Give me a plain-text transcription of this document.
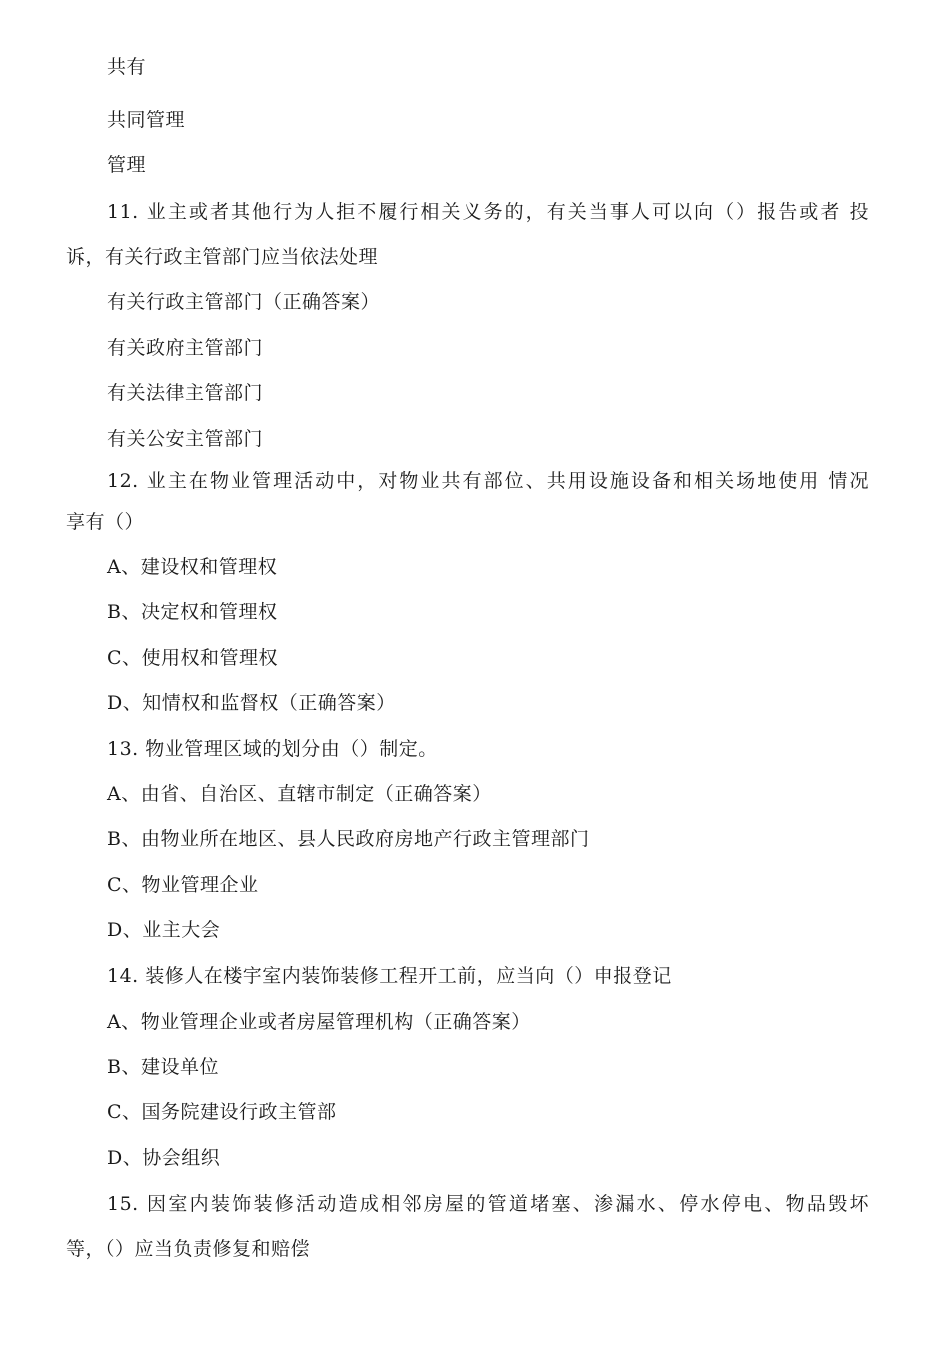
共有
共同管理
管理
11. 业主或者其他行为人拒不履行相关义务的，有关当事人可以向（）报告或者 投
诉，有关行政主管部门应当依法处理
有关行政主管部门（正确答案）
有关政府主管部门
有关法律主管部门
有关公安主管部门
12. 业主在物业管理活动中，对物业共有部位、共用设施设备和相关场地使用 情况
享有（）
A、建设权和管理权
B、决定权和管理权
C、使用权和管理权
D、知情权和监督权（正确答案）
13. 物业管理区域的划分由（）制定。
A、由省、自治区、直辖市制定（正确答案）
B、由物业所在地区、县人民政府房地产行政主管理部门
C、物业管理企业
D、业主大会
14. 装修人在楼宇室内装饰装修工程开工前，应当向（）申报登记
A、物业管理企业或者房屋管理机构（正确答案）
B、建设单位
C、国务院建设行政主管部
D、协会组织
15. 因室内装饰装修活动造成相邻房屋的管道堵塞、渗漏水、停水停电、物品毁坏
等，（）应当负责修复和赔偿
